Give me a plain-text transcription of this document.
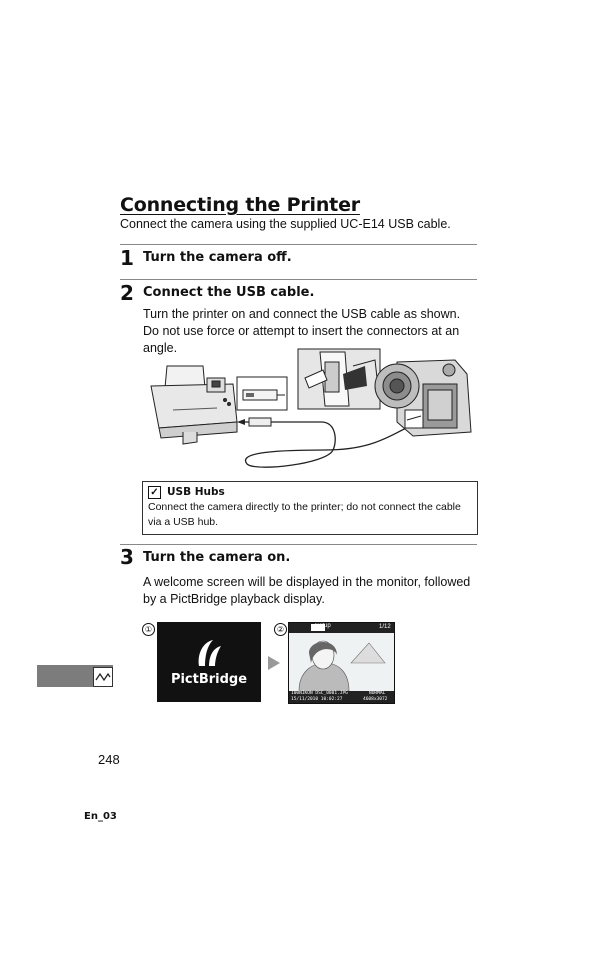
Connecting the Printer
Connect the camera using the supplied UC-E14 USB cable.
1 Turn the camera off.
2 Connect the USB cable.
Turn the printer on and connect the USB cable as shown. Do not use force or attempt to insert the connectors at an angle.
✓ USB Hubs
Connect the camera directly to the printer; do not connect the cable via a USB hub.
3 Turn the camera on.
A welcome screen will be displayed in the monitor, followed by a PictBridge playback display.
①
PictBridge
②	Setup	1/12
100NIKON DSC_0001.JPG	NORMAL
15/11/2010 10:02:27	4608x3072
248
En_03
